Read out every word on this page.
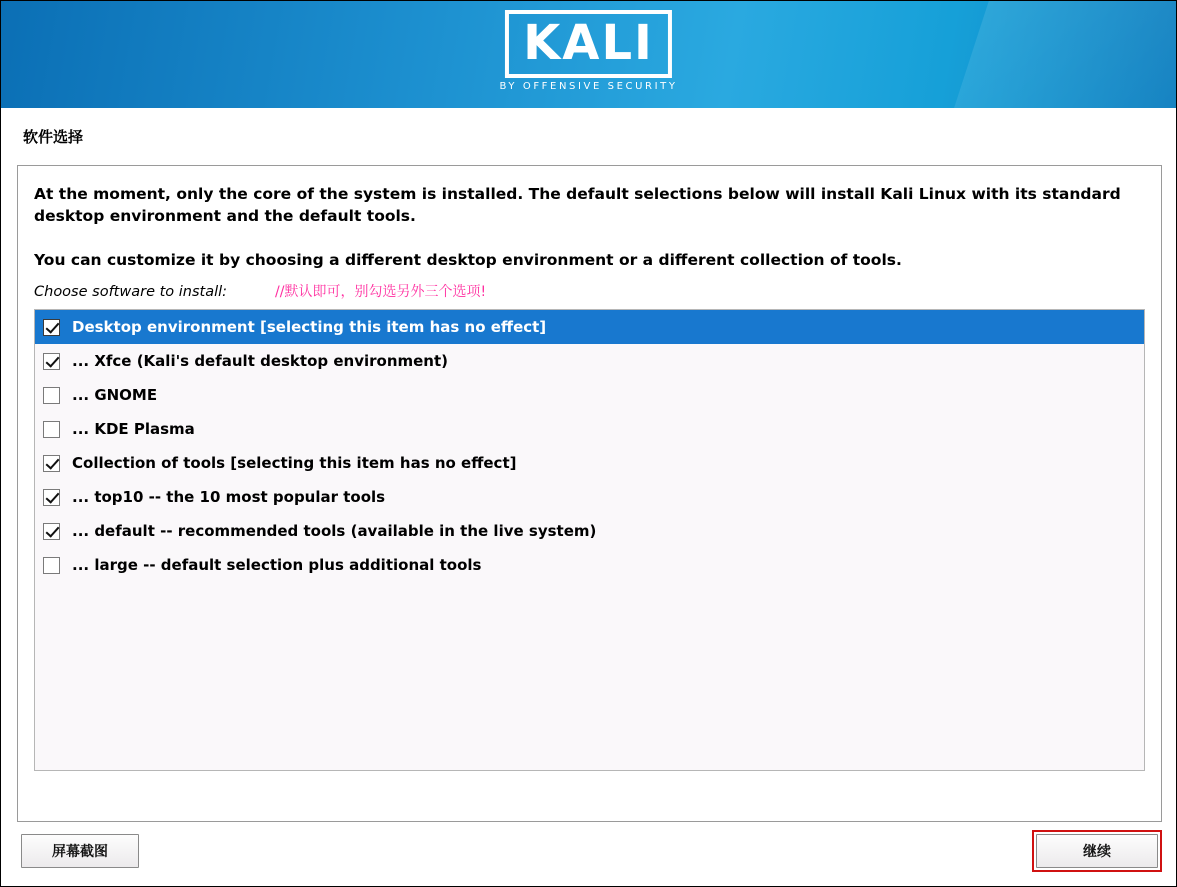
KALI
BY OFFENSIVE SECURITY
软件选择
At the moment, only the core of the system is installed. The default selections below will install Kali Linux with its standard desktop environment and the default tools.
You can customize it by choosing a different desktop environment or a different collection of tools.
Choose software to install:	//默认即可，别勾选另外三个选项!
Desktop environment [selecting this item has no effect]
... Xfce (Kali's default desktop environment)
... GNOME
... KDE Plasma
Collection of tools [selecting this item has no effect]
... top10 -- the 10 most popular tools
... default -- recommended tools (available in the live system)
... large -- default selection plus additional tools
屏幕截图	继续
